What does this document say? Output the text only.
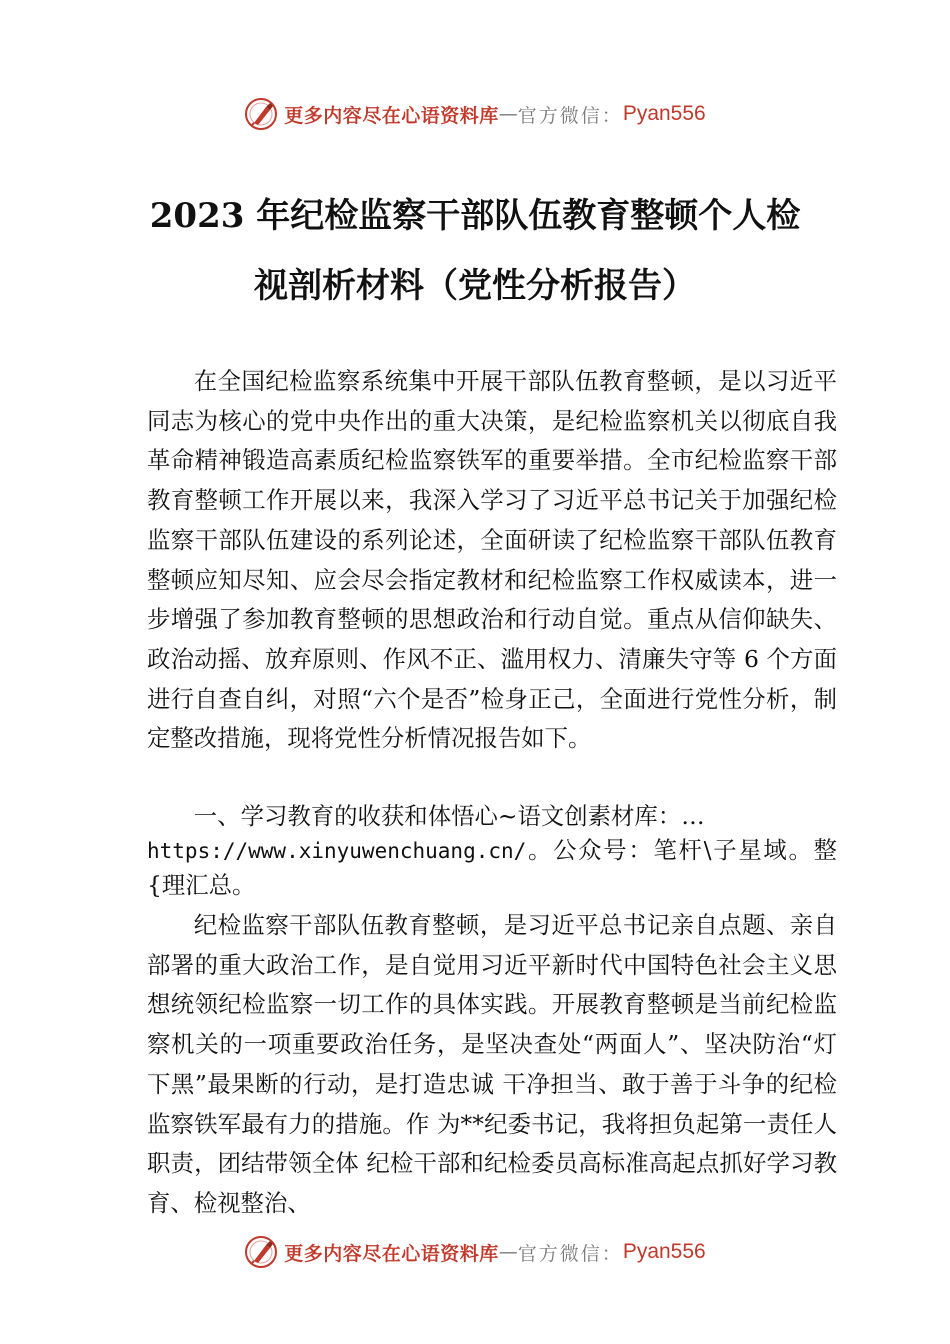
更多内容尽在心语资料库 — 官方微信： Pyan556
2023 年纪检监察干部队伍教育整顿个人检
视剖析材料（党性分析报告）

在全国纪检监察系统集中开展干部队伍教育整顿，是以习近平同志为核心的党中央作出的重大决策，是纪检监察机关以彻底自我革命精神锻造高素质纪检监察铁军的重要举措。全市纪检监察干部教育整顿工作开展以来，我深入学习了习近平总书记关于加强纪检监察干部队伍建设的系列论述，全面研读了纪检监察干部队伍教育整顿应知尽知、应会尽会指定教材和纪检监察工作权威读本，进一步增强了参加教育整顿的思想政治和行动自觉。重点从信仰缺失、政治动摇、放弃原则、作风不正、滥用权力、清廉失守等 6 个方面进行自查自纠，对照“六个是否”检身正己，全面进行党性分析，制定整改措施，现将党性分析情况报告如下。

一、学习教育的收获和体悟心~语文创素材库：…
https://www.xinyuwenchuang.cn/。公众号：笔杆\子星域。整{理汇总。

纪检监察干部队伍教育整顿，是习近平总书记亲自点题、亲自部署的重大政治工作，是自觉用习近平新时代中国特色社会主义思想统领纪检监察一切工作的具体实践。开展教育整顿是当前纪检监察机关的一项重要政治任务，是坚决查处“两面人”、坚决防治“灯下黑”最果断的行动，是打造忠诚 干净担当、敢于善于斗争的纪检监察铁军最有力的措施。作 为**纪委书记，我将担负起第一责任人职责，团结带领全体 纪检干部和纪检委员高标准高起点抓好学习教育、检视整治、

更多内容尽在心语资料库 — 官方微信： Pyan556
